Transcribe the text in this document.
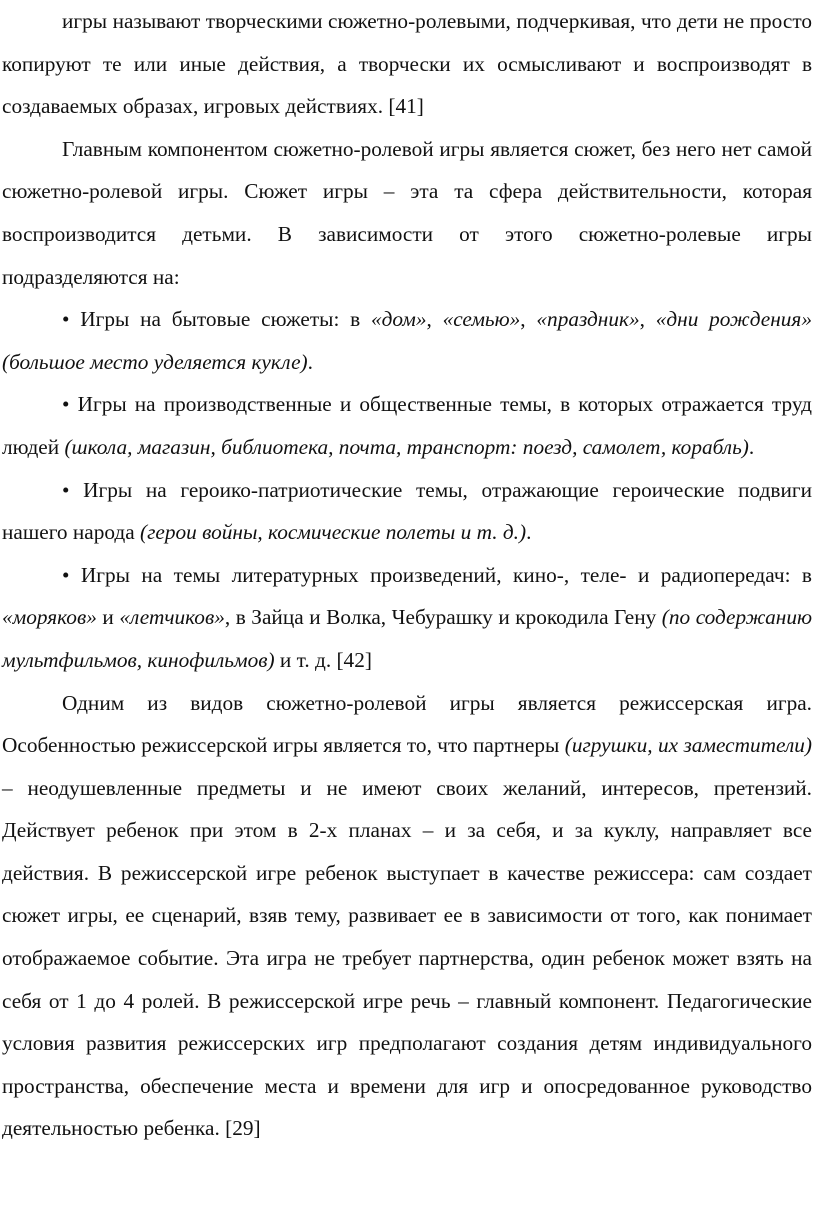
игры называют творческими сюжетно-ролевыми, подчеркивая, что дети не просто копируют те или иные действия, а творчески их осмысливают и воспроизводят в создаваемых образах, игровых действиях. [41]

Главным компонентом сюжетно-ролевой игры является сюжет, без него нет самой сюжетно-ролевой игры. Сюжет игры – эта та сфера действительности, которая воспроизводится детьми. В зависимости от этого сюжетно-ролевые игры подразделяются на:

• Игры на бытовые сюжеты: в «дом», «семью», «праздник», «дни рождения» (большое место уделяется кукле).

• Игры на производственные и общественные темы, в которых отражается труд людей (школа, магазин, библиотека, почта, транспорт: поезд, самолет, корабль).

• Игры на героико-патриотические темы, отражающие героические подвиги нашего народа (герои войны, космические полеты и т. д.).

• Игры на темы литературных произведений, кино-, теле- и радиопередач: в «моряков» и «летчиков», в Зайца и Волка, Чебурашку и крокодила Гену (по содержанию мультфильмов, кинофильмов) и т. д. [42]

Одним из видов сюжетно-ролевой игры является режиссерская игра. Особенностью режиссерской игры является то, что партнеры (игрушки, их заместители) – неодушевленные предметы и не имеют своих желаний, интересов, претензий. Действует ребенок при этом в 2-х планах – и за себя, и за куклу, направляет все действия. В режиссерской игре ребенок выступает в качестве режиссера: сам создает сюжет игры, ее сценарий, взяв тему, развивает ее в зависимости от того, как понимает отображаемое событие. Эта игра не требует партнерства, один ребенок может взять на себя от 1 до 4 ролей. В режиссерской игре речь – главный компонент. Педагогические условия развития режиссерских игр предполагают создания детям индивидуального пространства, обеспечение места и времени для игр и опосредованное руководство деятельностью ребенка. [29]
